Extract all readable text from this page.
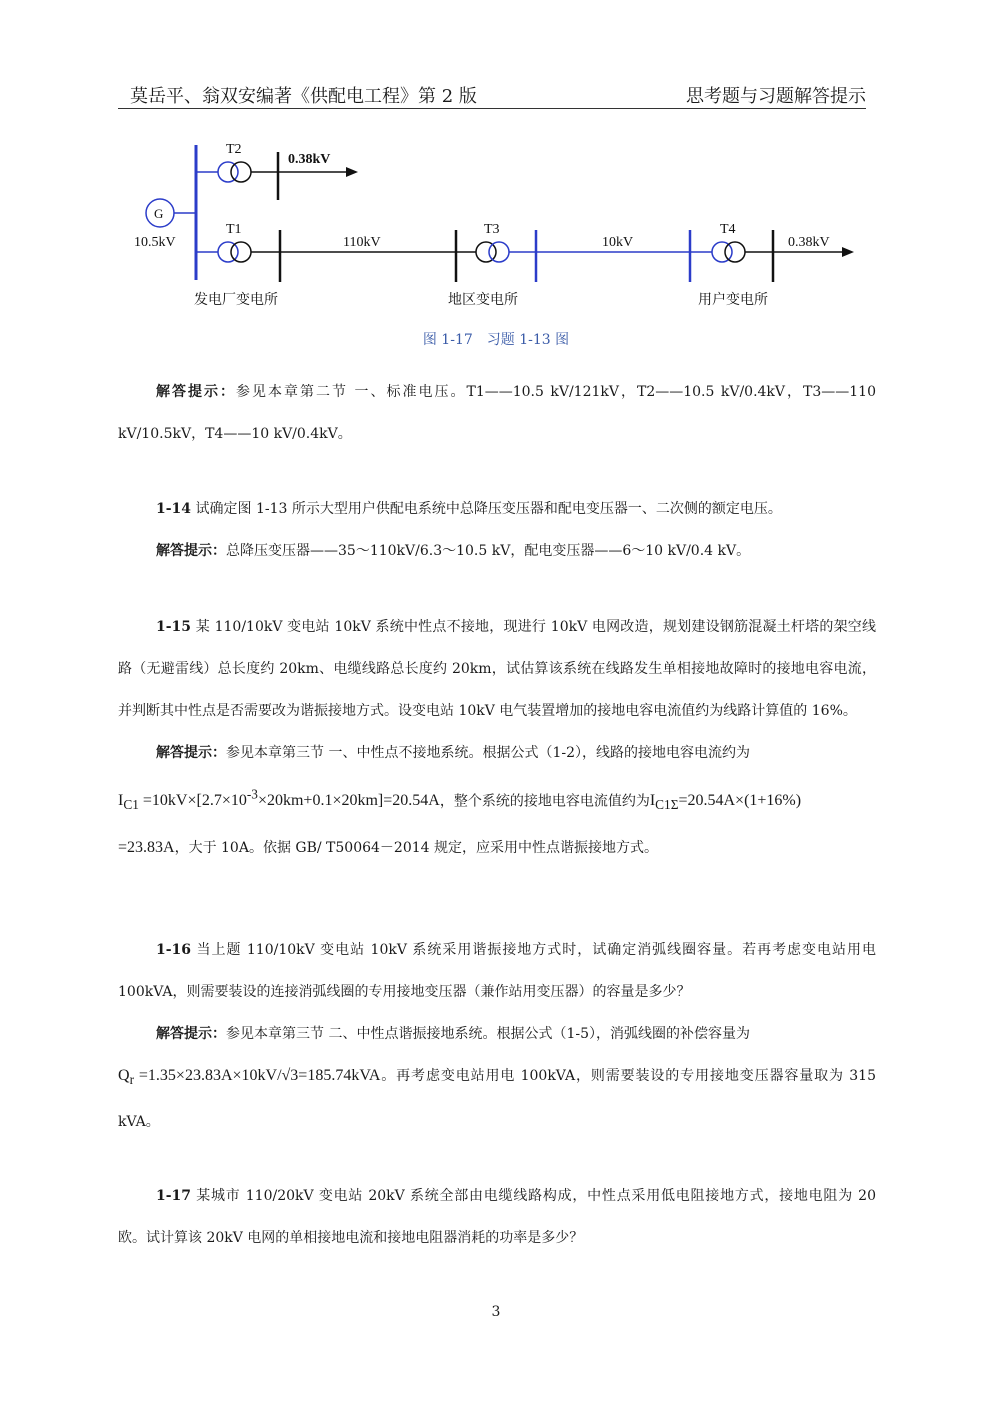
莫岳平、翁双安编著《供配电工程》第 2 版	思考题与习题解答提示
G
10.5kV
T2
0.38kV
T1
110kV
T3
10kV
T4
0.38kV
发电厂变电所	地区变电所	用户变电所
图 1-17　习题 1-13 图

解答提示：参见本章第二节 一、标准电压。T1——10.5 kV/121kV，T2——10.5 kV/0.4kV，T3——110 kV/10.5kV，T4——10 kV/0.4kV。

1-14 试确定图 1-13 所示大型用户供配电系统中总降压变压器和配电变压器一、二次侧的额定电压。

解答提示：总降压变压器——35～110kV/6.3～10.5 kV，配电变压器——6～10 kV/0.4 kV。

1-15 某 110/10kV 变电站 10kV 系统中性点不接地，现进行 10kV 电网改造，规划建设钢筋混凝土杆塔的架空线路（无避雷线）总长度约 20km、电缆线路总长度约 20km，试估算该系统在线路发生单相接地故障时的接地电容电流，并判断其中性点是否需要改为谐振接地方式。设变电站 10kV 电气装置增加的接地电容电流值约为线路计算值的 16%。

解答提示：参见本章第三节 一、中性点不接地系统。根据公式（1-2），线路的接地电容电流约为

$I_{C1} =10kV\times[2.7\times 10^{-3}\times 20km+0.1\times 20km]=20.54A$，整个系统的接地电容电流值约为$I_{C1\Sigma}=20.54A\times(1+16\%)$

=23.83A，大于 10A。依据 GB/ T50064－2014 规定，应采用中性点谐振接地方式。

1-16 当上题 110/10kV 变电站 10kV 系统采用谐振接地方式时，试确定消弧线圈容量。若再考虑变电站用电 100kVA，则需要装设的连接消弧线圈的专用接地变压器（兼作站用变压器）的容量是多少？

解答提示：参见本章第三节 二、中性点谐振接地系统。根据公式（1-5），消弧线圈的补偿容量为

$Q_r =1.35\times 23.83A\times 10kV/√3=185.74kVA$。再考虑变电站用电 100kVA，则需要装设的专用接地变压器容量取为 315 kVA。

1-17 某城市 110/20kV 变电站 20kV 系统全部由电缆线路构成，中性点采用低电阻接地方式，接地电阻为 20 欧。试计算该 20kV 电网的单相接地电流和接地电阻器消耗的功率是多少？

3
